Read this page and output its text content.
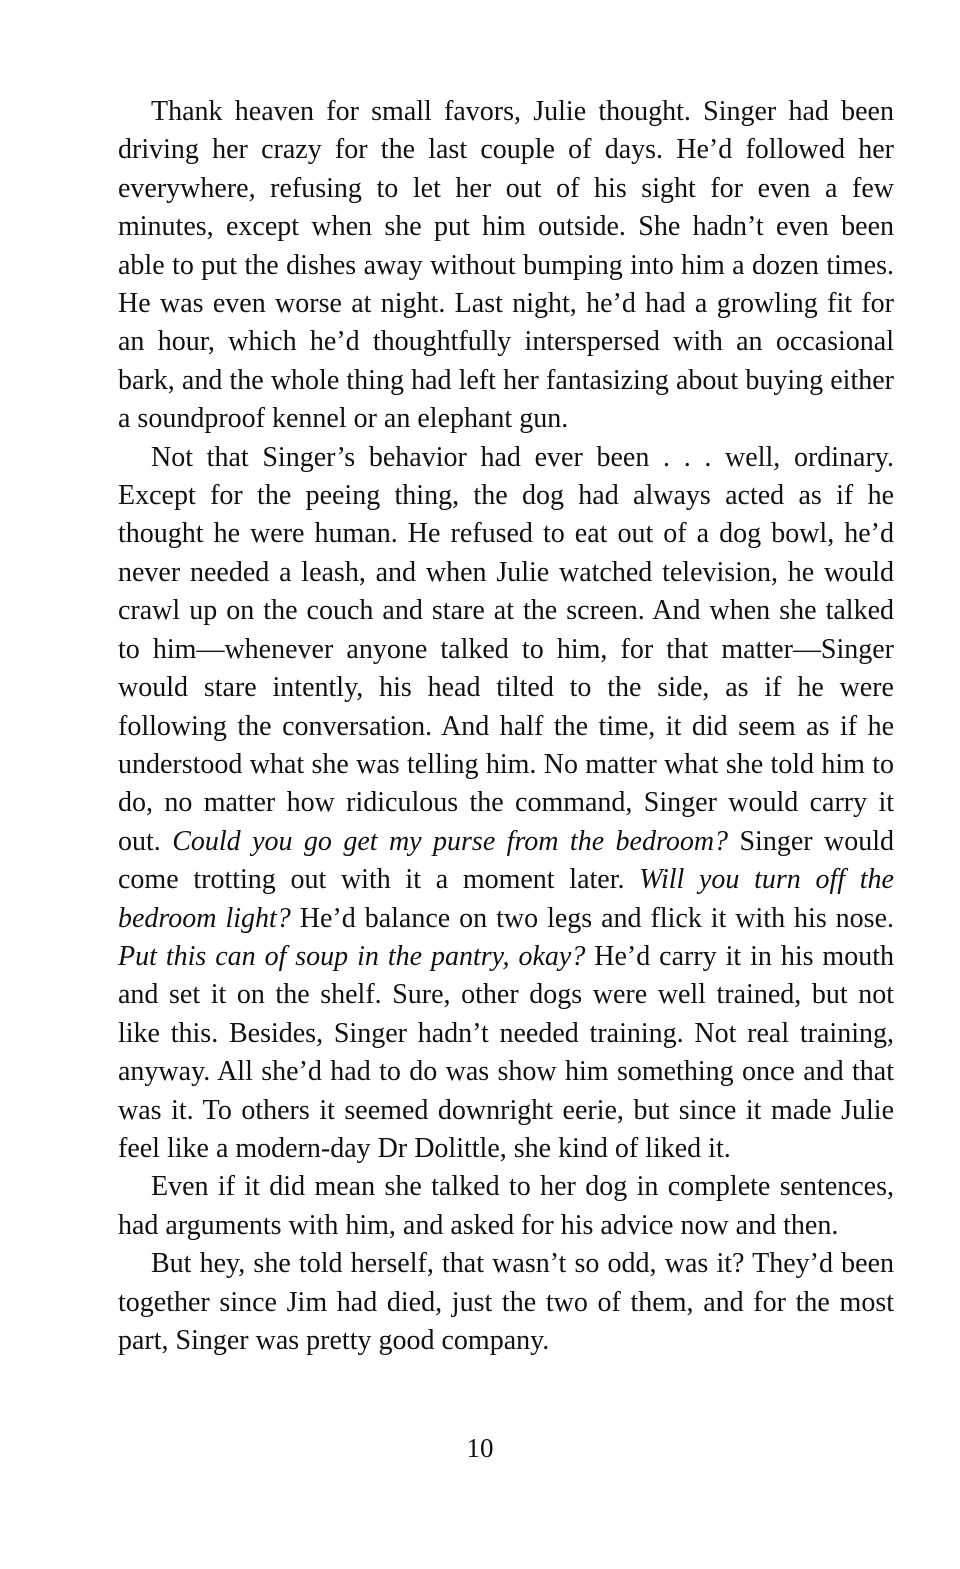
Thank heaven for small favors, Julie thought. Singer had been driving her crazy for the last couple of days. He’d followed her everywhere, refusing to let her out of his sight for even a few minutes, except when she put him outside. She hadn’t even been able to put the dishes away without bumping into him a dozen times. He was even worse at night. Last night, he’d had a growling fit for an hour, which he’d thoughtfully interspersed with an occasional bark, and the whole thing had left her fantasizing about buying either a soundproof kennel or an elephant gun.

Not that Singer’s behavior had ever been . . . well, ordinary. Except for the peeing thing, the dog had always acted as if he thought he were human. He refused to eat out of a dog bowl, he’d never needed a leash, and when Julie watched television, he would crawl up on the couch and stare at the screen. And when she talked to him—whenever anyone talked to him, for that matter—Singer would stare intently, his head tilted to the side, as if he were following the conversation. And half the time, it did seem as if he understood what she was telling him. No matter what she told him to do, no matter how ridiculous the command, Singer would carry it out. Could you go get my purse from the bedroom? Singer would come trotting out with it a moment later. Will you turn off the bedroom light? He’d balance on two legs and flick it with his nose. Put this can of soup in the pantry, okay? He’d carry it in his mouth and set it on the shelf. Sure, other dogs were well trained, but not like this. Besides, Singer hadn’t needed training. Not real training, anyway. All she’d had to do was show him something once and that was it. To others it seemed downright eerie, but since it made Julie feel like a modern-day Dr Dolittle, she kind of liked it.

Even if it did mean she talked to her dog in complete sentences, had arguments with him, and asked for his advice now and then.

But hey, she told herself, that wasn’t so odd, was it? They’d been together since Jim had died, just the two of them, and for the most part, Singer was pretty good company.

10
